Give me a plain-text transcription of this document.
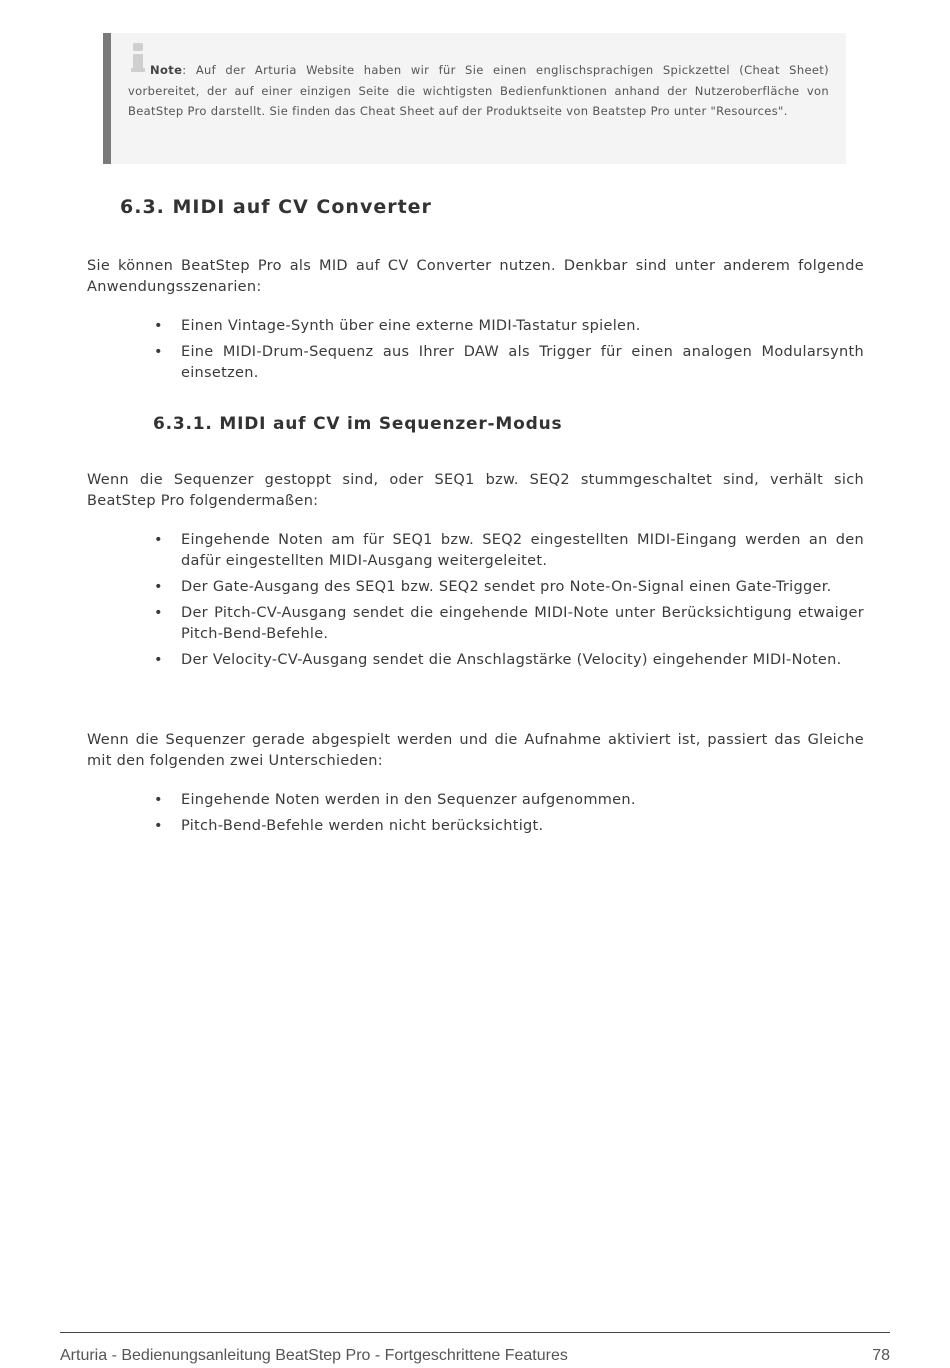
Note: Auf der Arturia Website haben wir für Sie einen englischsprachigen Spickzettel (Cheat Sheet) vorbereitet, der auf einer einzigen Seite die wichtigsten Bedienfunktionen anhand der Nutzeroberfläche von BeatStep Pro darstellt. Sie finden das Cheat Sheet auf der Produktseite von Beatstep Pro unter "Resources".

6.3. MIDI auf CV Converter

Sie können BeatStep Pro als MID auf CV Converter nutzen. Denkbar sind unter anderem folgende Anwendungsszenarien:

• Einen Vintage-Synth über eine externe MIDI-Tastatur spielen.
• Eine MIDI-Drum-Sequenz aus Ihrer DAW als Trigger für einen analogen Modularsynth einsetzen.
6.3.1. MIDI auf CV im Sequenzer-Modus

Wenn die Sequenzer gestoppt sind, oder SEQ1 bzw. SEQ2 stummgeschaltet sind, verhält sich BeatStep Pro folgendermaßen:

• Eingehende Noten am für SEQ1 bzw. SEQ2 eingestellten MIDI-Eingang werden an den dafür eingestellten MIDI-Ausgang weitergeleitet.
• Der Gate-Ausgang des SEQ1 bzw. SEQ2 sendet pro Note-On-Signal einen Gate-Trigger.
• Der Pitch-CV-Ausgang sendet die eingehende MIDI-Note unter Berücksichtigung etwaiger Pitch-Bend-Befehle.
• Der Velocity-CV-Ausgang sendet die Anschlagstärke (Velocity) eingehender MIDI-Noten.

Wenn die Sequenzer gerade abgespielt werden und die Aufnahme aktiviert ist, passiert das Gleiche mit den folgenden zwei Unterschieden:

• Eingehende Noten werden in den Sequenzer aufgenommen.
• Pitch-Bend-Befehle werden nicht berücksichtigt.
Arturia - Bedienungsanleitung BeatStep Pro - Fortgeschrittene Features	78
